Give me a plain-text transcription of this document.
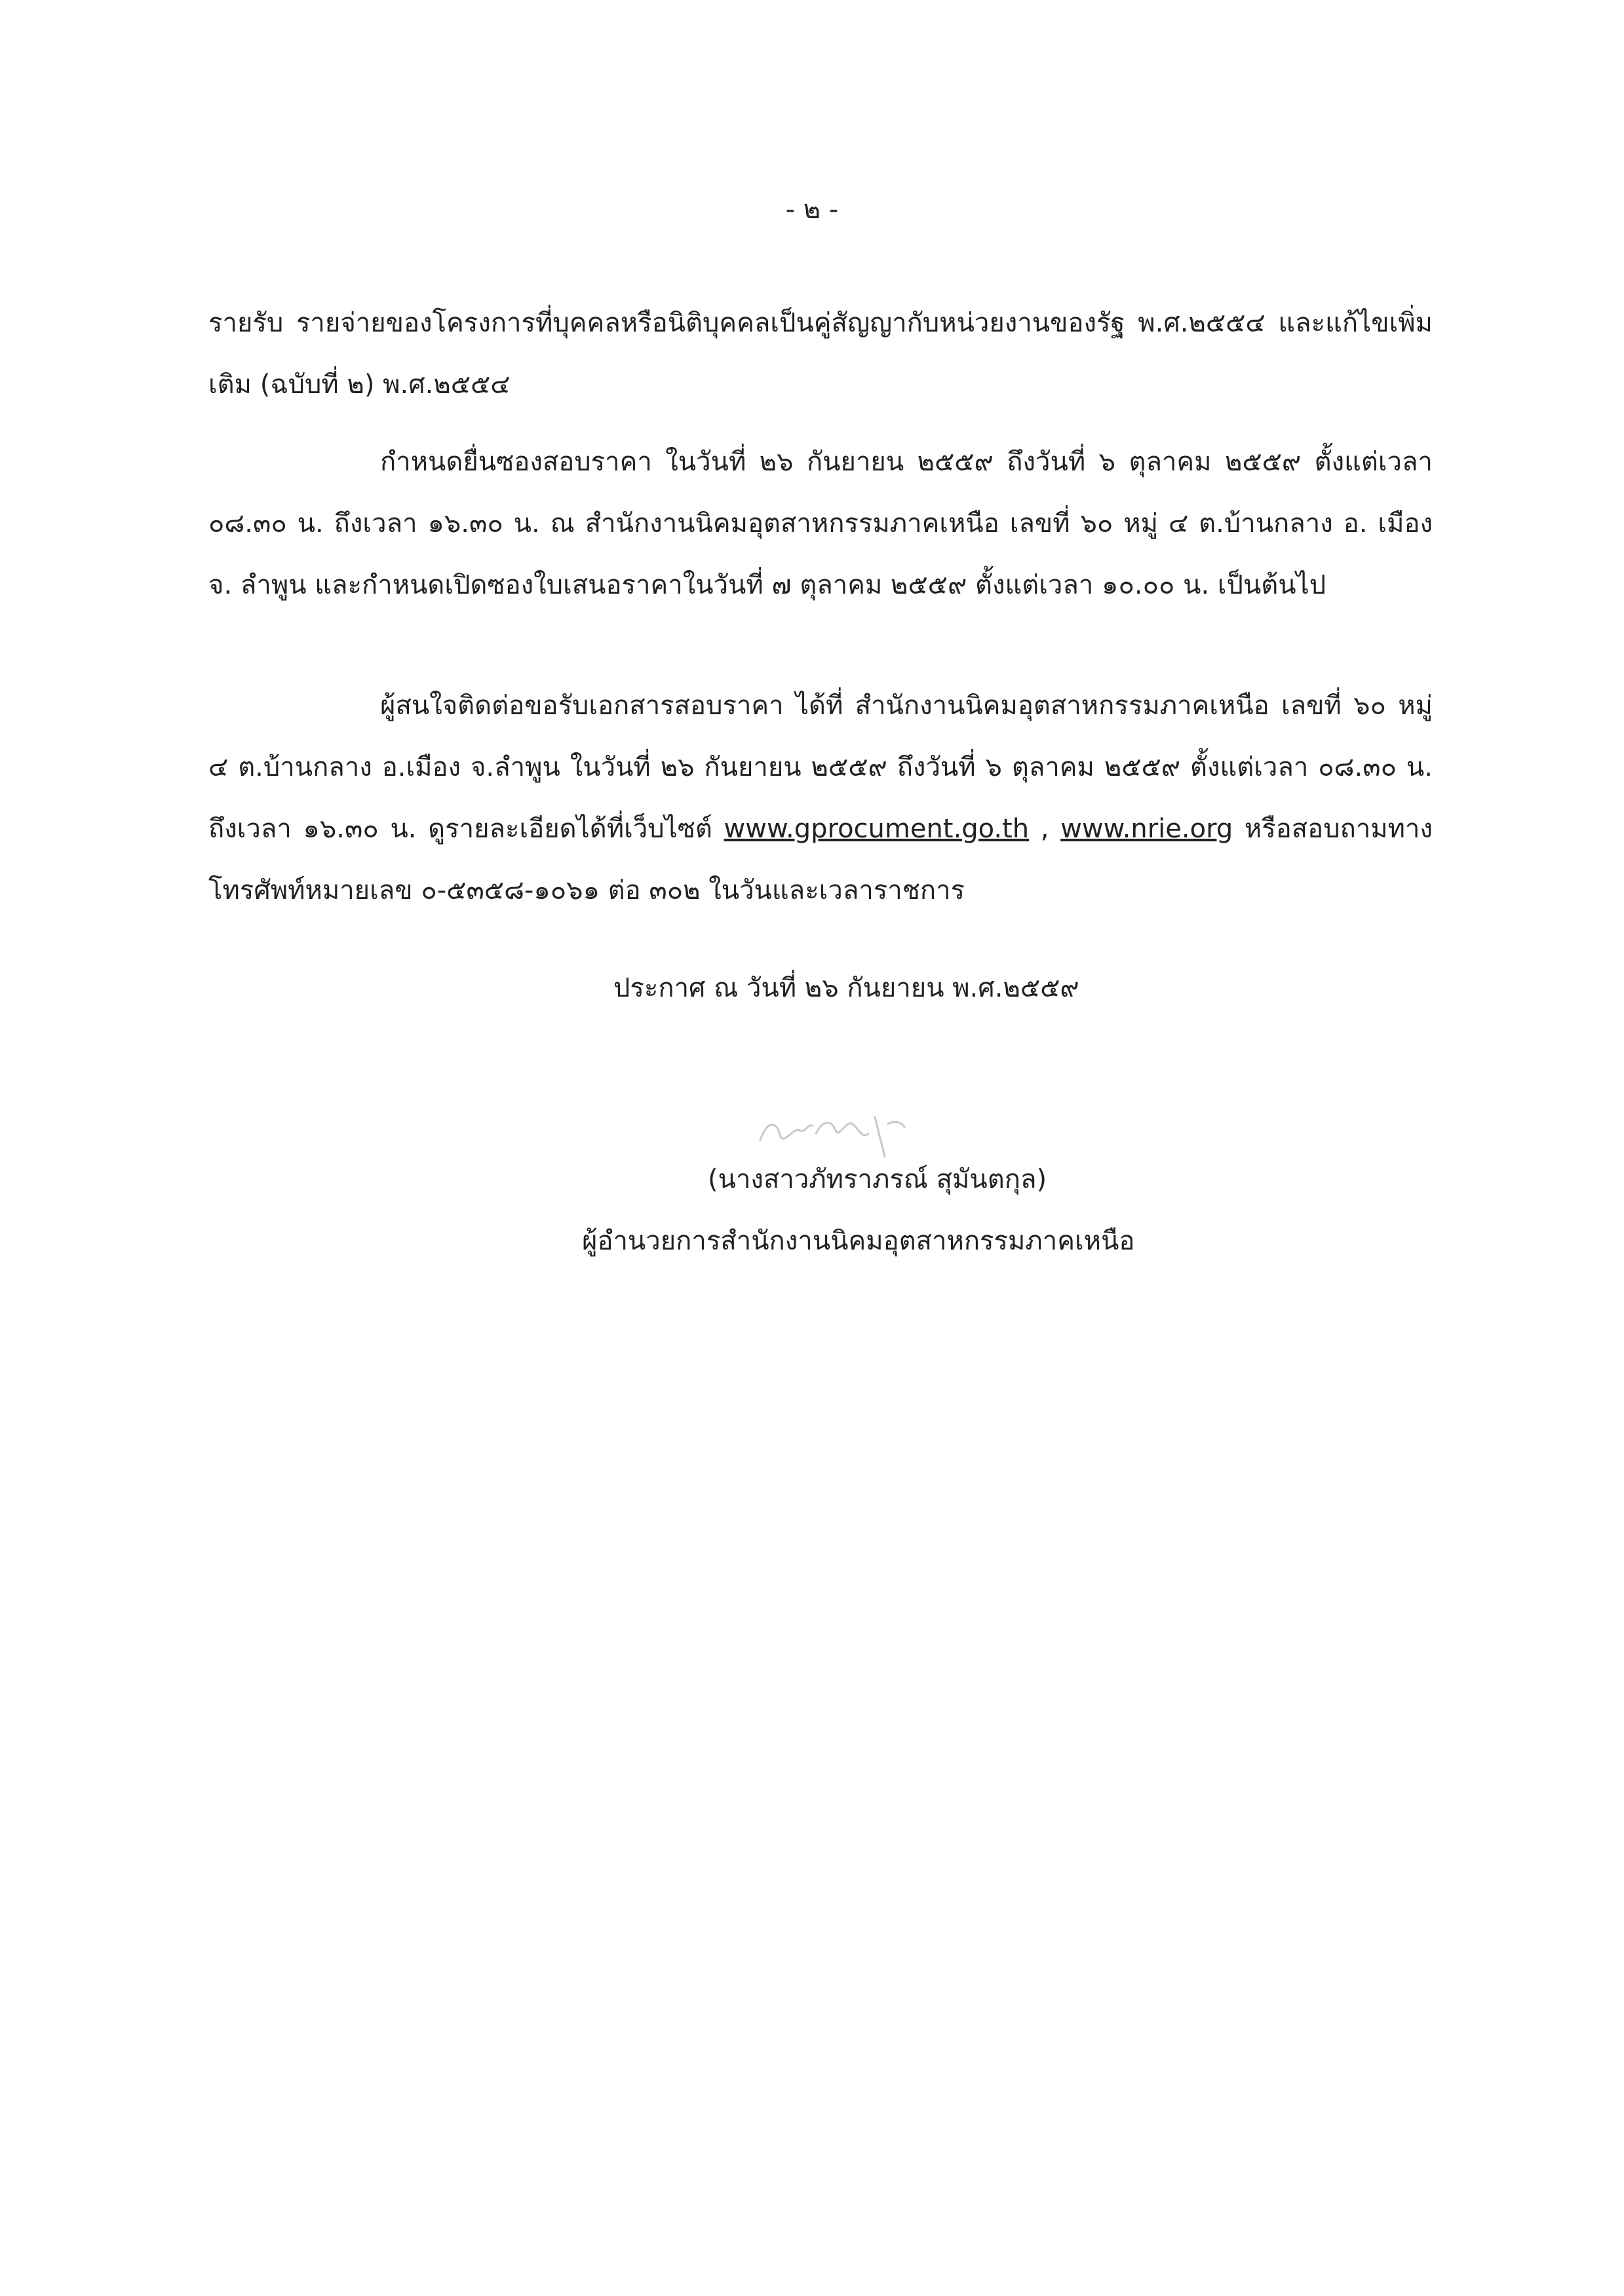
- ๒ -

รายรับ รายจ่ายของโครงการที่บุคคลหรือนิติบุคคลเป็นคู่สัญญากับหน่วยงานของรัฐ พ.ศ.๒๕๕๔ และแก้ไขเพิ่มเติม (ฉบับที่ ๒) พ.ศ.๒๕๕๔

กำหนดยื่นซองสอบราคา ในวันที่ ๒๖ กันยายน ๒๕๕๙ ถึงวันที่ ๖ ตุลาคม ๒๕๕๙ ตั้งแต่เวลา ๐๘.๓๐ น. ถึงเวลา ๑๖.๓๐ น. ณ สำนักงานนิคมอุตสาหกรรมภาคเหนือ เลขที่ ๖๐ หมู่ ๔ ต.บ้านกลาง อ. เมือง จ. ลำพูน และกำหนดเปิดซองใบเสนอราคาในวันที่ ๗ ตุลาคม ๒๕๕๙ ตั้งแต่เวลา ๑๐.๐๐ น. เป็นต้นไป

ผู้สนใจติดต่อขอรับเอกสารสอบราคา ได้ที่ สำนักงานนิคมอุตสาหกรรมภาคเหนือ เลขที่ ๖๐ หมู่ ๔ ต.บ้านกลาง อ.เมือง จ.ลำพูน ในวันที่ ๒๖ กันยายน ๒๕๕๙ ถึงวันที่ ๖ ตุลาคม ๒๕๕๙ ตั้งแต่เวลา ๐๘.๓๐ น. ถึงเวลา ๑๖.๓๐ น. ดูรายละเอียดได้ที่เว็บไซต์ www.gprocument.go.th , www.nrie.org หรือสอบถามทางโทรศัพท์หมายเลข ๐-๕๓๕๘-๑๐๖๑ ต่อ ๓๐๒ ในวันและเวลาราชการ

ประกาศ ณ วันที่ ๒๖ กันยายน พ.ศ.๒๕๕๙
(นางสาวภัทราภรณ์ สุมันตกุล)
ผู้อำนวยการสำนักงานนิคมอุตสาหกรรมภาคเหนือ
